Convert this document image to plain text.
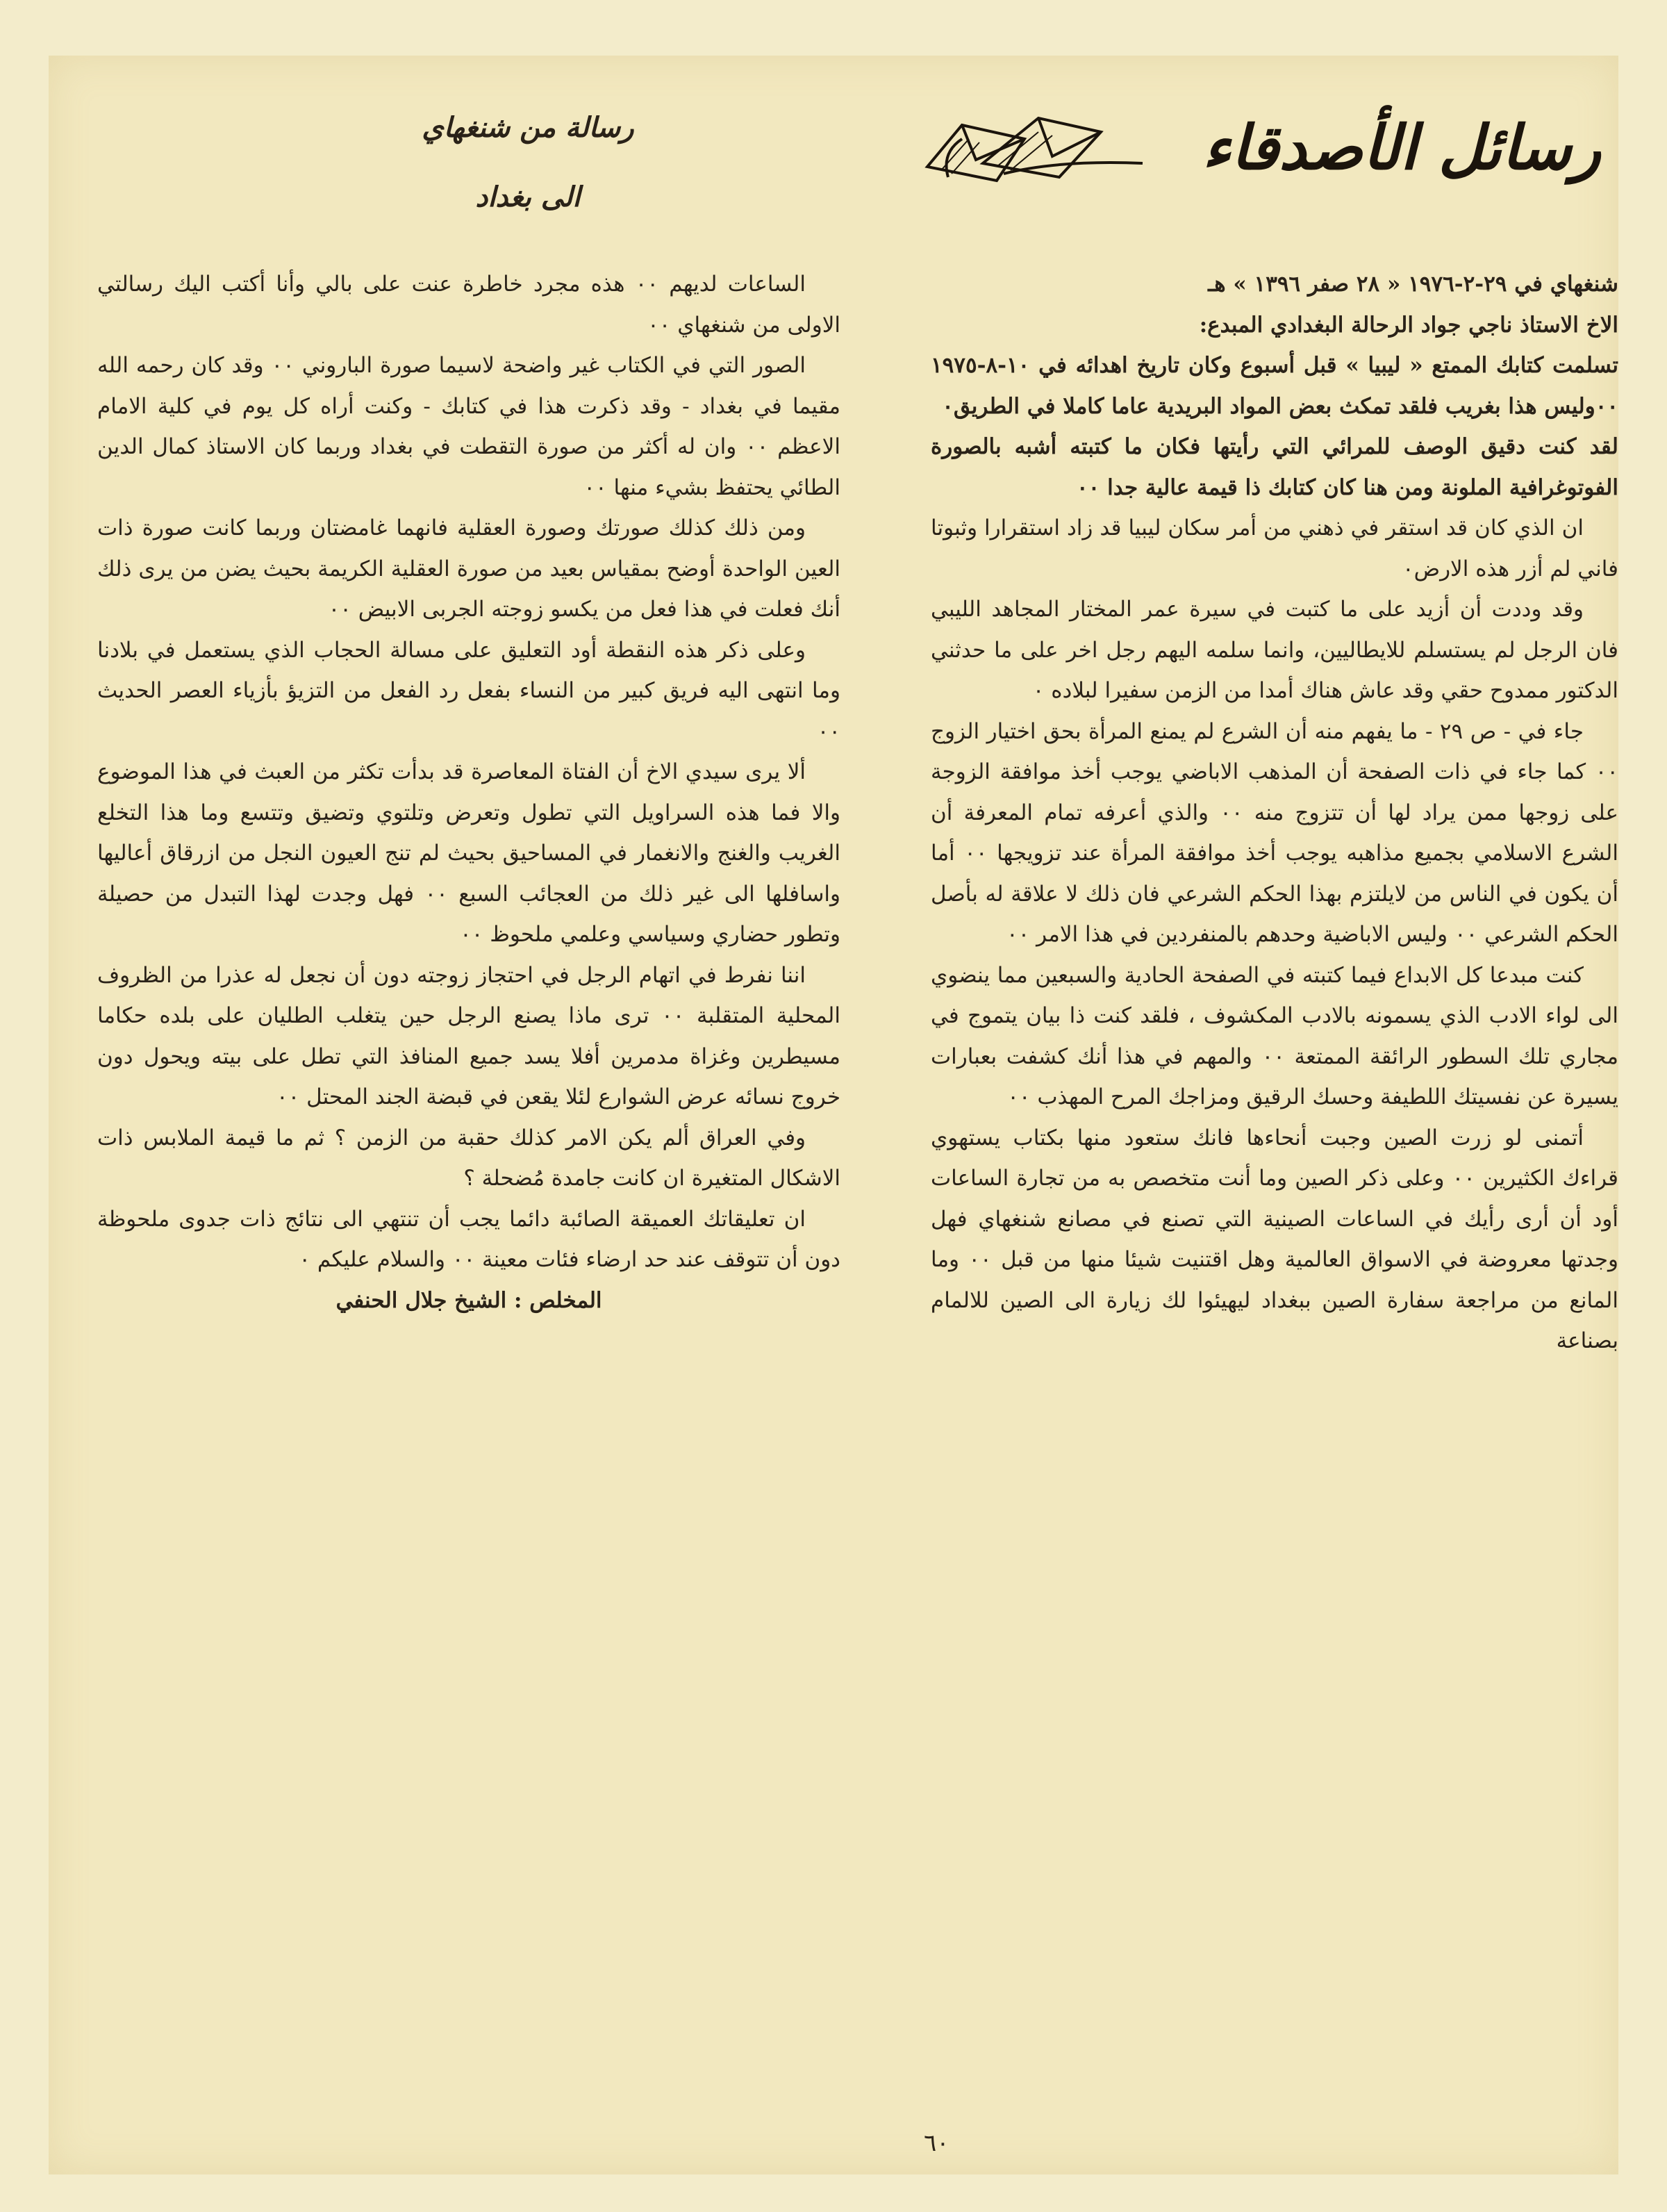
رسائل الأصدقاء
رسالة من شنغهاي
الى بغداد

شنغهاي في ٢٩-٢-١٩٧٦ « ٢٨ صفر ١٣٩٦ » هـ

الاخ الاستاذ ناجي جواد الرحالة البغدادي المبدع:

تسلمت كتابك الممتع « ليبيا » قبل أسبوع وكان تاريخ اهدائه في ١٠-٨-١٩٧٥ ٠٠وليس هذا بغريب فلقد تمكث بعض المواد البريدية عاما كاملا في الطريق٠

لقد كنت دقيق الوصف للمرائي التي رأيتها فكان ما كتبته أشبه بالصورة الفوتوغرافية الملونة ومن هنا كان كتابك ذا قيمة عالية جدا ٠٠

ان الذي كان قد استقر في ذهني من أمر سكان ليبيا قد زاد استقرارا وثبوتا فاني لم أزر هذه الارض٠

وقد وددت أن أزيد على ما كتبت في سيرة عمر المختار المجاهد الليبي فان الرجل لم يستسلم للايطاليين، وانما سلمه اليهم رجل اخر على ما حدثني الدكتور ممدوح حقي وقد عاش هناك أمدا من الزمن سفيرا لبلاده ٠

جاء في - ص ٢٩ - ما يفهم منه أن الشرع لم يمنع المرأة بحق اختيار الزوج ٠٠ كما جاء في ذات الصفحة أن المذهب الاباضي يوجب أخذ موافقة الزوجة على زوجها ممن يراد لها أن تتزوج منه ٠٠ والذي أعرفه تمام المعرفة أن الشرع الاسلامي بجميع مذاهبه يوجب أخذ موافقة المرأة عند تزويجها ٠٠ أما أن يكون في الناس من لايلتزم بهذا الحكم الشرعي فان ذلك لا علاقة له بأصل الحكم الشرعي ٠٠ وليس الاباضية وحدهم بالمنفردين في هذا الامر ٠٠

كنت مبدعا كل الابداع فيما كتبته في الصفحة الحادية والسبعين مما ينضوي الى لواء الادب الذي يسمونه بالادب المكشوف ، فلقد كنت ذا بيان يتموج في مجاري تلك السطور الرائقة الممتعة ٠٠ والمهم في هذا أنك كشفت بعبارات يسيرة عن نفسيتك اللطيفة وحسك الرقيق ومزاجك المرح المهذب ٠٠

أتمنى لو زرت الصين وجبت أنحاءها فانك ستعود منها بكتاب يستهوي قراءك الكثيرين ٠٠ وعلى ذكر الصين وما أنت متخصص به من تجارة الساعات أود أن أرى رأيك في الساعات الصينية التي تصنع في مصانع شنغهاي فهل وجدتها معروضة في الاسواق العالمية وهل اقتنيت شيئا منها من قبل ٠٠ وما المانع من مراجعة سفارة الصين ببغداد ليهيئوا لك زيارة الى الصين للالمام بصناعة

الساعات لديهم ٠٠ هذه مجرد خاطرة عنت على بالي وأنا أكتب اليك رسالتي الاولى من شنغهاي ٠٠

الصور التي في الكتاب غير واضحة لاسيما صورة الباروني ٠٠ وقد كان رحمه الله مقيما في بغداد - وقد ذكرت هذا في كتابك - وكنت أراه كل يوم في كلية الامام الاعظم ٠٠ وان له أكثر من صورة التقطت في بغداد وربما كان الاستاذ كمال الدين الطائي يحتفظ بشيء منها ٠٠

ومن ذلك كذلك صورتك وصورة العقلية فانهما غامضتان وربما كانت صورة ذات العين الواحدة أوضح بمقياس بعيد من صورة العقلية الكريمة بحيث يضن من يرى ذلك أنك فعلت في هذا فعل من يكسو زوجته الجربى الابيض ٠٠

وعلى ذكر هذه النقطة أود التعليق على مسالة الحجاب الذي يستعمل في بلادنا وما انتهى اليه فريق كبير من النساء بفعل رد الفعل من التزيؤ بأزياء العصر الحديث ٠٠

ألا يرى سيدي الاخ أن الفتاة المعاصرة قد بدأت تكثر من العبث في هذا الموضوع والا فما هذه السراويل التي تطول وتعرض وتلتوي وتضيق وتتسع وما هذا التخلع الغريب والغنج والانغمار في المساحيق بحيث لم تنج العيون النجل من ازرقاق أعاليها واسافلها الى غير ذلك من العجائب السبع ٠٠ فهل وجدت لهذا التبدل من حصيلة وتطور حضاري وسياسي وعلمي ملحوظ ٠٠

اننا نفرط في اتهام الرجل في احتجاز زوجته دون أن نجعل له عذرا من الظروف المحلية المتقلبة ٠٠ ترى ماذا يصنع الرجل حين يتغلب الطليان على بلده حكاما مسيطرين وغزاة مدمرين أفلا يسد جميع المنافذ التي تطل على بيته ويحول دون خروج نسائه عرض الشوارع لئلا يقعن في قبضة الجند المحتل ٠٠

وفي العراق ألم يكن الامر كذلك حقبة من الزمن ؟ ثم ما قيمة الملابس ذات الاشكال المتغيرة ان كانت جامدة مُضحلة ؟

ان تعليقاتك العميقة الصائبة دائما يجب أن تنتهي الى نتائج ذات جدوى ملحوظة دون أن تتوقف عند حد ارضاء فئات معينة ٠٠ والسلام عليكم ٠

المخلص : الشيخ جلال الحنفي

٦٠
